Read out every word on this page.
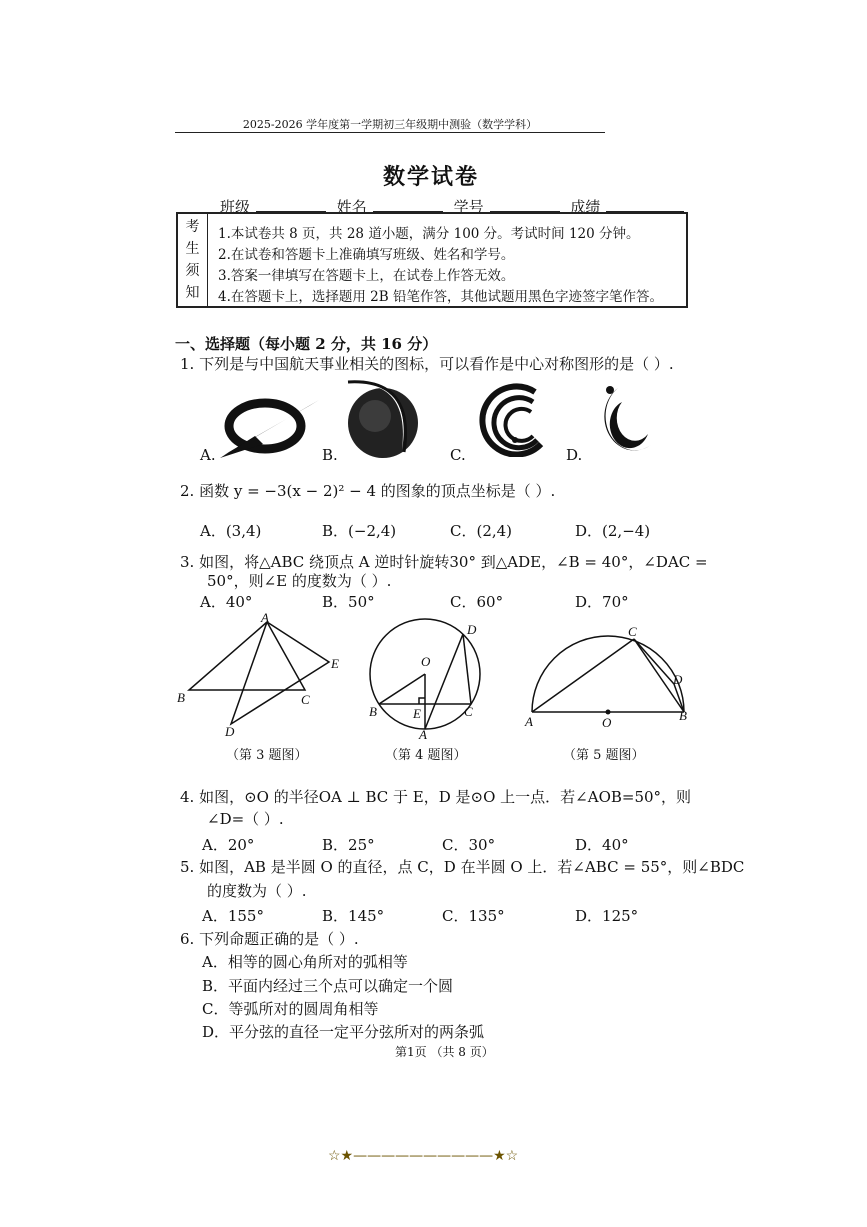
2025-2026 学年度第一学期初三年级期中测验（数学学科）
数学试卷
班级	姓名	学号	成绩
考
生
须
知
1.本试卷共 8 页，共 28 道小题，满分 100 分。考试时间 120 分钟。
2.在试卷和答题卡上准确填写班级、姓名和学号。
3.答案一律填写在答题卡上，在试卷上作答无效。
4.在答题卡上，选择题用 2B 铅笔作答，其他试题用黑色字迹签字笔作答。
一、选择题（每小题 2 分，共 16 分）
1. 下列是与中国航天事业相关的图标，可以看作是中心对称图形的是（ ）.
A.	B.	C.	D.
2. 函数 y = −3(x − 2)² − 4 的图象的顶点坐标是（ ）.
A．(3,4)	B．(−2,4)	C．(2,4)	D．(2,−4)
3. 如图，将△ABC 绕顶点 A 逆时针旋转30° 到△ADE，∠B = 40°，∠DAC =
50°，则∠E 的度数为（ ）.
A．40°	B．50°	C．60°	D．70°
A
B	C
D
E
（第 3 题图）
O
D
B	E	C
A
（第 4 题图）
A	O	B
C
D
（第 5 题图）
4. 如图，⊙O 的半径OA ⊥ BC 于 E，D 是⊙O 上一点．若∠AOB=50°，则
∠D=（ ）.
A．20°	B．25°	C．30°	D．40°
5. 如图，AB 是半圆 O 的直径，点 C，D 在半圆 O 上．若∠ABC = 55°，则∠BDC
的度数为（ ）.
A．155°	B．145°	C．135°	D．125°
6. 下列命题正确的是（ ）.
A．相等的圆心角所对的弧相等
B．平面内经过三个点可以确定一个圆
C．等弧所对的圆周角相等
D．平分弦的直径一定平分弦所对的两条弧
第1页 （共 8 页）
☆★——————————★☆
